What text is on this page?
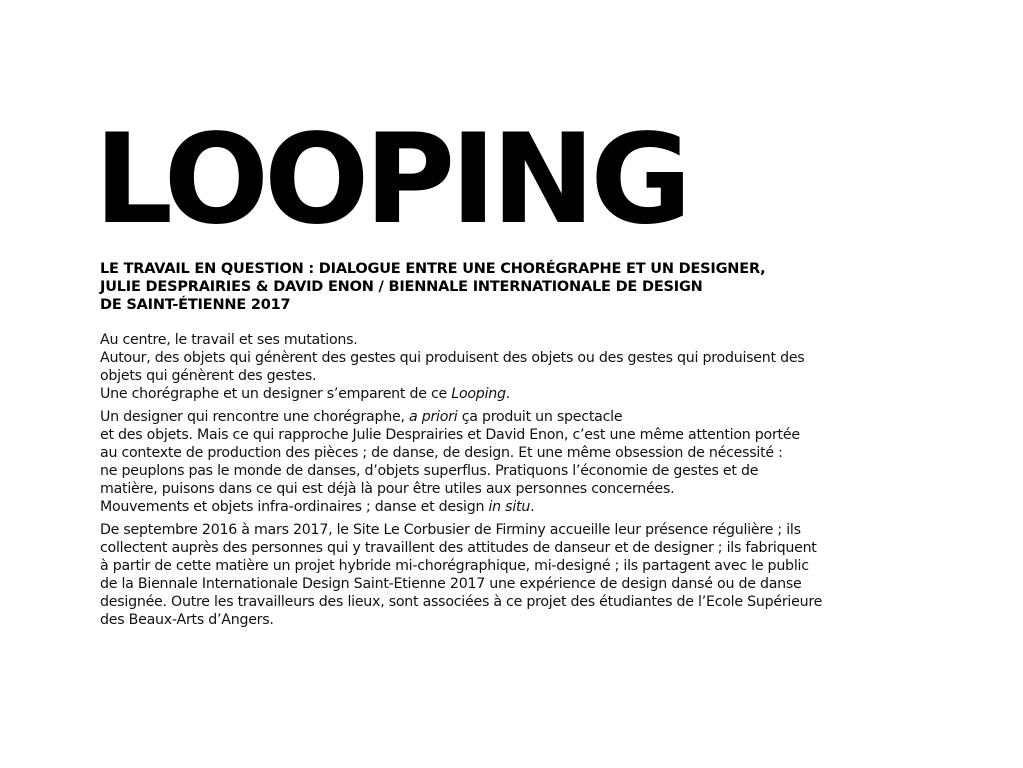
LOOPING
LE TRAVAIL EN QUESTION : DIALOGUE ENTRE UNE CHORÉGRAPHE ET UN DESIGNER,
JULIE DESPRAIRIES & DAVID ENON / BIENNALE INTERNATIONALE DE DESIGN
DE SAINT-ÉTIENNE 2017

Au centre, le travail et ses mutations.
Autour, des objets qui génèrent des gestes qui produisent des objets ou des gestes qui produisent des
objets qui génèrent des gestes.
Une chorégraphe et un designer s’emparent de ce Looping.

Un designer qui rencontre une chorégraphe, a priori ça produit un spectacle
et des objets. Mais ce qui rapproche Julie Desprairies et David Enon, c’est une même attention portée
au contexte de production des pièces ; de danse, de design. Et une même obsession de nécessité :
ne peuplons pas le monde de danses, d’objets superflus. Pratiquons l’économie de gestes et de
matière, puisons dans ce qui est déjà là pour être utiles aux personnes concernées.
Mouvements et objets infra-ordinaires ; danse et design in situ.

De septembre 2016 à mars 2017, le Site Le Corbusier de Firminy accueille leur présence régulière ; ils
collectent auprès des personnes qui y travaillent des attitudes de danseur et de designer ; ils fabriquent
à partir de cette matière un projet hybride mi-chorégraphique, mi-designé ; ils partagent avec le public
de la Biennale Internationale Design Saint-Etienne 2017 une expérience de design dansé ou de danse
designée. Outre les travailleurs des lieux, sont associées à ce projet des étudiantes de l’Ecole Supérieure
des Beaux-Arts d’Angers.
